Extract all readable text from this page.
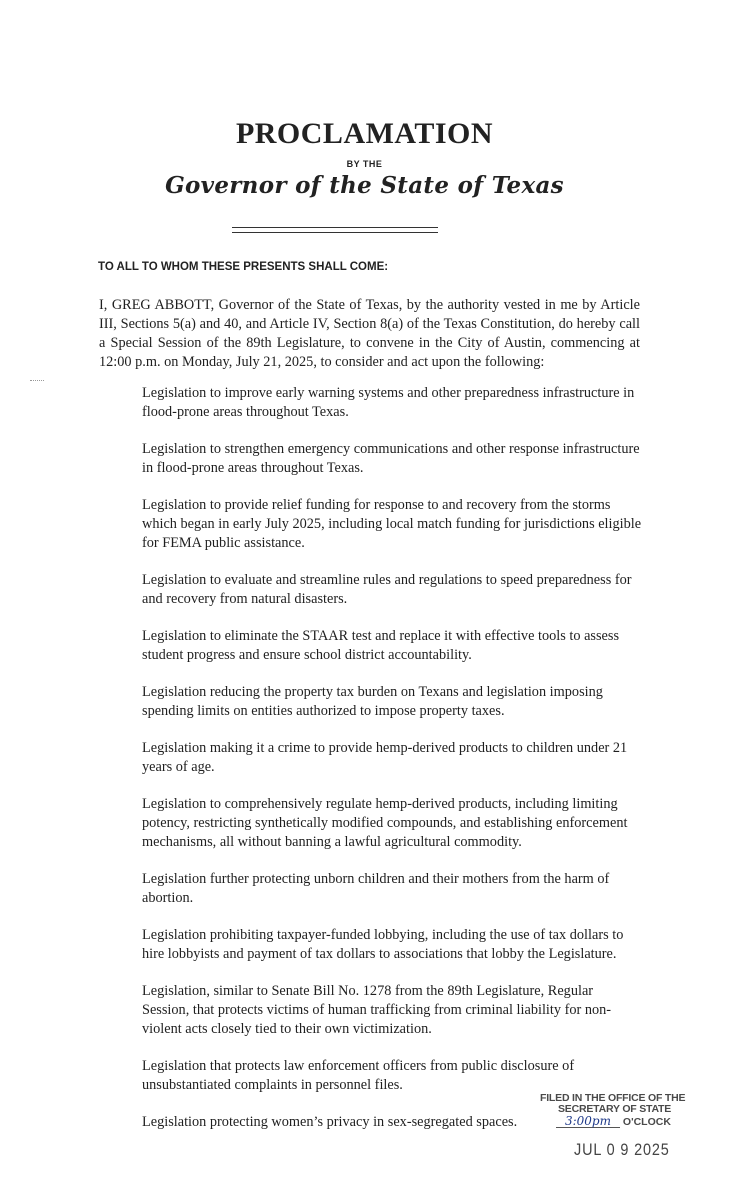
PROCLAMATION
BY THE
Governor of the State of Texas
TO ALL TO WHOM THESE PRESENTS SHALL COME:
I, GREG ABBOTT, Governor of the State of Texas, by the authority vested in me by Article III, Sections 5(a) and 40, and Article IV, Section 8(a) of the Texas Constitution, do hereby call a Special Session of the 89th Legislature, to convene in the City of Austin, commencing at 12:00 p.m. on Monday, July 21, 2025, to consider and act upon the following:
Legislation to improve early warning systems and other preparedness infrastructure in flood-prone areas throughout Texas.
Legislation to strengthen emergency communications and other response infrastructure in flood-prone areas throughout Texas.
Legislation to provide relief funding for response to and recovery from the storms which began in early July 2025, including local match funding for jurisdictions eligible for FEMA public assistance.
Legislation to evaluate and streamline rules and regulations to speed preparedness for and recovery from natural disasters.
Legislation to eliminate the STAAR test and replace it with effective tools to assess student progress and ensure school district accountability.
Legislation reducing the property tax burden on Texans and legislation imposing spending limits on entities authorized to impose property taxes.
Legislation making it a crime to provide hemp-derived products to children under 21 years of age.
Legislation to comprehensively regulate hemp-derived products, including limiting potency, restricting synthetically modified compounds, and establishing enforcement mechanisms, all without banning a lawful agricultural commodity.
Legislation further protecting unborn children and their mothers from the harm of abortion.
Legislation prohibiting taxpayer-funded lobbying, including the use of tax dollars to hire lobbyists and payment of tax dollars to associations that lobby the Legislature.
Legislation, similar to Senate Bill No. 1278 from the 89th Legislature, Regular Session, that protects victims of human trafficking from criminal liability for non-violent acts closely tied to their own victimization.
Legislation that protects law enforcement officers from public disclosure of unsubstantiated complaints in personnel files.
Legislation protecting women’s privacy in sex-segregated spaces.
FILED IN THE OFFICE OF THE
SECRETARY OF STATE
3:00pm O'CLOCK
JUL 0 9 2025
